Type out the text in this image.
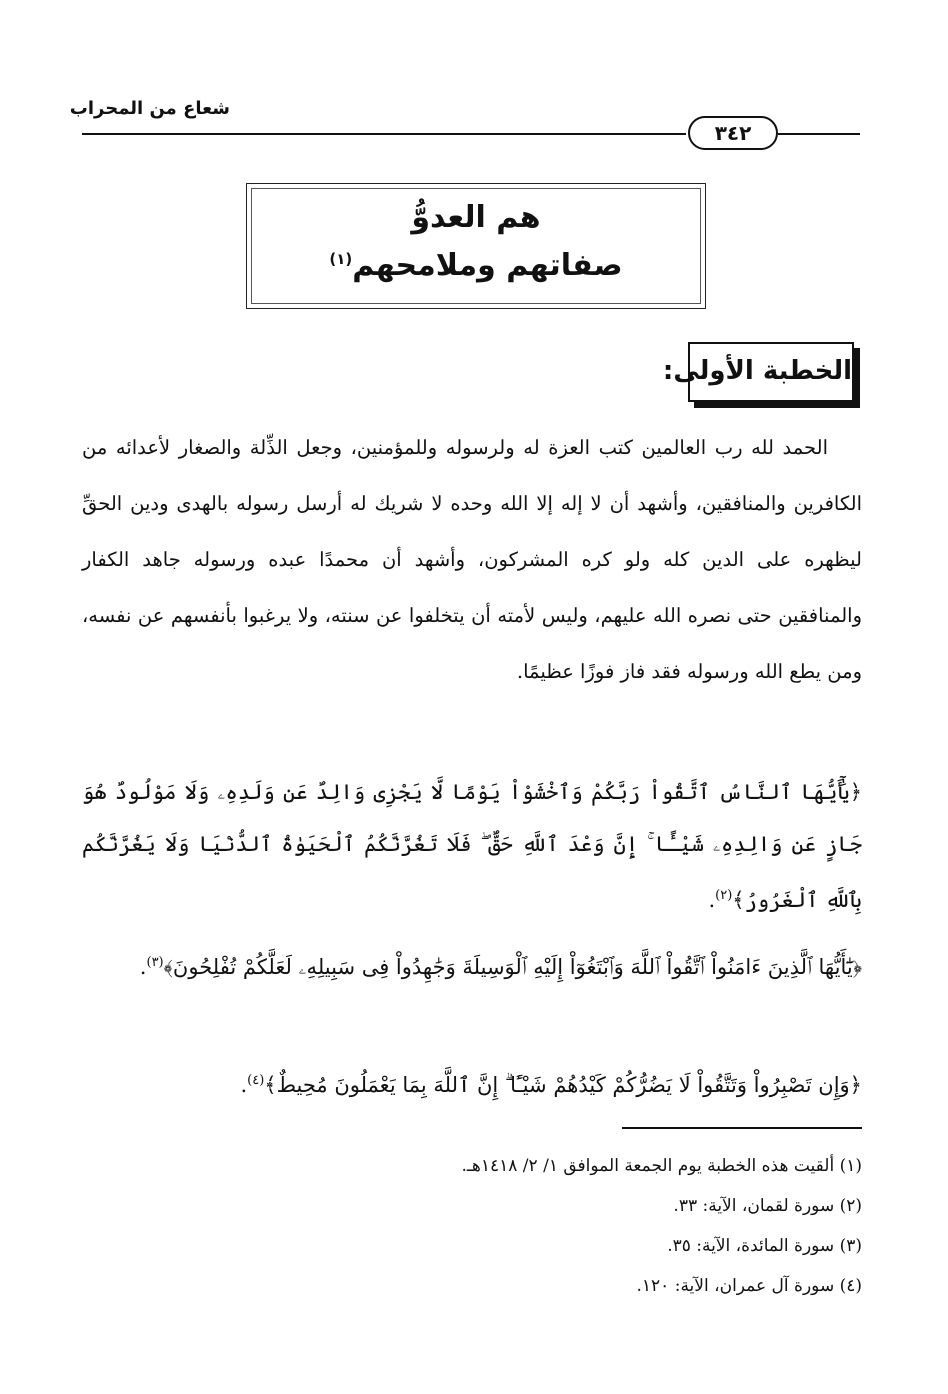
شعاع من المحراب
٣٤٢
هم العدوُّ
صفاتهم وملامحهم$^{(١)}$
الخطبة الأولى:
الحمد لله رب العالمين كتب العزة له ولرسوله وللمؤمنين، وجعل الذِّلة والصغار لأعدائه من الكافرين والمنافقين، وأشهد أن لا إله إلا الله وحده لا شريك له أرسل رسوله بالهدى ودين الحقِّ ليظهره على الدين كله ولو كره المشركون، وأشهد أن محمدًا عبده ورسوله جاهد الكفار والمنافقين حتى نصره الله عليهم، وليس لأمته أن يتخلفوا عن سنته، ولا يرغبوا بأنفسهم عن نفسه، ومن يطع الله ورسوله فقد فاز فوزًا عظيمًا.
﴿يَٰٓأَيُّهَا ٱلنَّاسُ ٱتَّقُواْ رَبَّكُمْ وَٱخْشَوْاْ يَوْمًا لَّا يَجْزِى وَالِدٌ عَن وَلَدِهِۦ وَلَا مَوْلُودٌ هُوَ جَازٍ عَن وَالِدِهِۦ شَيْـًٔا ۚ إِنَّ وَعْدَ ٱللَّهِ حَقٌّ ۖ فَلَا تَغُرَّنَّكُمُ ٱلْحَيَوٰةُ ٱلدُّنْيَا وَلَا يَغُرَّنَّكُم بِٱللَّهِ ٱلْغَرُورُ﴾$^{(٢)}$.
﴿يَٰٓأَيُّهَا ٱلَّذِينَ ءَامَنُواْ ٱتَّقُواْ ٱللَّهَ وَٱبْتَغُوٓاْ إِلَيْهِ ٱلْوَسِيلَةَ وَجَٰهِدُواْ فِى سَبِيلِهِۦ لَعَلَّكُمْ تُفْلِحُونَ﴾$^{(٣)}$.
﴿وَإِن تَصْبِرُواْ وَتَتَّقُواْ لَا يَضُرُّكُمْ كَيْدُهُمْ شَيْـًٔا ۗ إِنَّ ٱللَّهَ بِمَا يَعْمَلُونَ مُحِيطٌ﴾$^{(٤)}$.
(١) ألقيت هذه الخطبة يوم الجمعة الموافق ١/ ٢/ ١٤١٨هـ.
(٢) سورة لقمان، الآية: ٣٣.
(٣) سورة المائدة، الآية: ٣٥.
(٤) سورة آل عمران، الآية: ١٢٠.
